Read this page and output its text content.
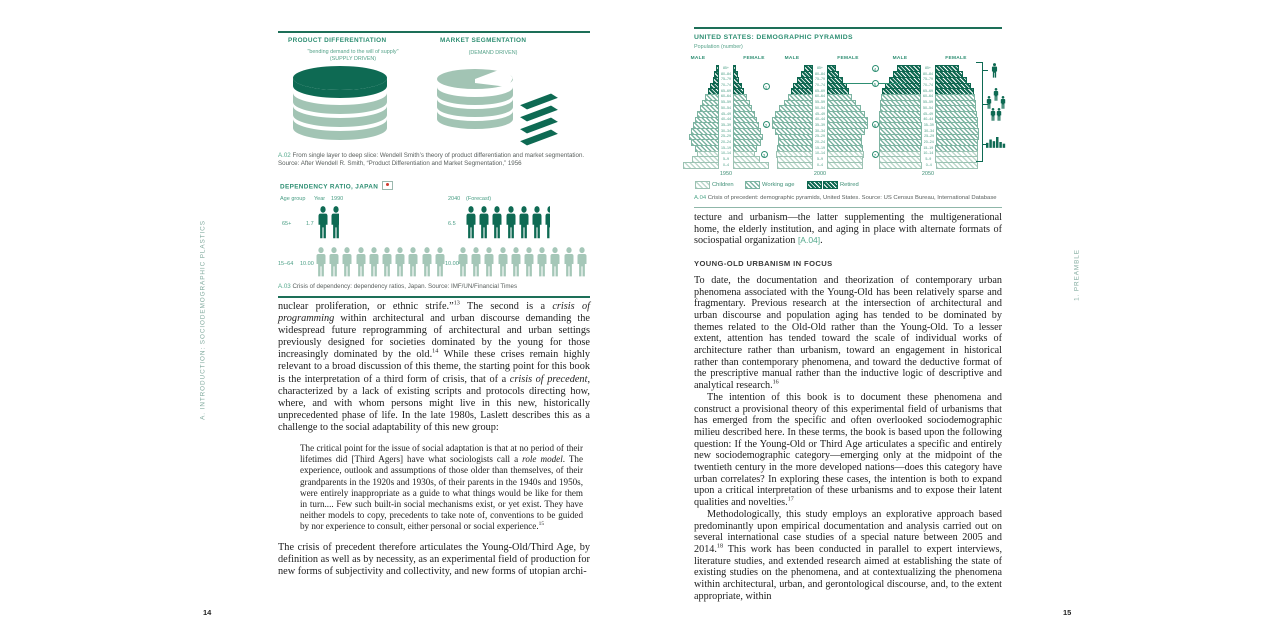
A. INTRODUCTION: SOCIODEMOGRAPHIC PLASTICS
14
PRODUCT DIFFERENTIATION
"bending demand to the will of supply"
(SUPPLY DRIVEN)
MARKET SEGMENTATION
(DEMAND DRIVEN)

A.02 From single layer to deep slice: Wendell Smith’s theory of product differentiation and market segmentation. Source: After Wendell R. Smith, “Product Differentiation and Market Segmentation,” 1956

DEPENDENCY RATIO, JAPAN
Age group Year 1990	2040 (Forecast)
65+	1.7	6.5
15–64 10.00	10.00

A.03 Crisis of dependency: dependency ratios, Japan. Source: IMF/UN/Financial Times

nuclear proliferation, or ethnic strife.”$^{13}$ The second is a crisis of programming within architectural and urban discourse demanding the widespread future reprogramming of architectural and urban settings previously designed for societies dominated by the young for those increasingly dominated by the old.$^{14}$ While these crises remain highly relevant to a broad discussion of this theme, the starting point for this book is the interpretation of a third form of crisis, that of a crisis of precedent, characterized by a lack of existing scripts and protocols directing how, where, and with whom persons might live in this new, historically unprecedented phase of life. In the late 1980s, Laslett describes this as a challenge to the social adaptability of this new group:

The critical point for the issue of social adaptation is that at no period of their lifetimes did [Third Agers] have what sociologists call a role model. The experience, outlook and assumptions of those older than themselves, of their grandparents in the 1920s and 1930s, of their parents in the 1940s and 1950s, were entirely inappropriate as a guide to what things would be like for them in turn.... Few such built-in social mechanisms exist, or yet exist. They have neither models to copy, precedents to take note of, conventions to be guided by nor experience to consult, either personal or social experience.$^{15}$

The crisis of precedent therefore articulates the Young-Old/Third Age, by definition as well as by necessity, as an experimental field of production for new forms of subjectivity and collectivity, and new forms of utopian archi-

UNITED STATES: DEMOGRAPHIC PYRAMIDS
Population (number)
MALE	FEMALE
85+
80–84
75–79
70–74
65–69
60–64
55–59
50–54
45–49
40–44
35–39
30–34
25–29
20–24
15–19
10–14
5–9
0–4
1950
MALE	FEMALE
85+
80–84
75–79
70–74
65–69
60–64
55–59
50–54
45–49
40–44
35–39
30–34
25–29
20–24
15–19
10–14
5–9
0–4
2000
MALE	FEMALE
85+
80–84
75–79
70–74
65–69
60–64
55–59
50–54
45–49
40–44
35–39
30–34
25–29
20–24
15–19
10–14
5–9
0–4
2050
1
2
3
4
5
6
7
Children	Working age	Retired

A.04 Crisis of precedent: demographic pyramids, United States. Source: US Census Bureau, International Database

tecture and urbanism—the latter supplementing the multigenerational home, the elderly institution, and aging in place with alternate formats of sociospatial organization [A.04].

YOUNG-OLD URBANISM IN FOCUS

To date, the documentation and theorization of contemporary urban phenomena associated with the Young-Old has been relatively sparse and fragmentary. Previous research at the intersection of architectural and urban discourse and population aging has tended to be dominated by themes related to the Old-Old rather than the Young-Old. To a lesser extent, attention has tended toward the scale of individual works of architecture rather than urbanism, toward an engagement in historical rather than contemporary phenomena, and toward the deductive format of the prescriptive manual rather than the inductive logic of descriptive and analytical research.$^{16}$

The intention of this book is to document these phenomena and construct a provisional theory of this experimental field of urbanisms that has emerged from the specific and often overlooked sociodemographic milieu described here. In these terms, the book is based upon the following question: If the Young-Old or Third Age articulates a specific and entirely new sociodemographic category—emerging only at the midpoint of the twentieth century in the more developed nations—does this category have urban correlates? In exploring these cases, the intention is both to expand upon a critical interpretation of these urbanisms and to expose their latent qualities and novelties.$^{17}$

Methodologically, this study employs an explorative approach based predominantly upon empirical documentation and analysis carried out on several international case studies of a special nature between 2005 and 2014.18 This work has been conducted in parallel to expert interviews, literature studies, and extended research aimed at establishing the state of existing studies on the phenomena, and at contextualizing the phenomena within architectural, urban, and gerontological discourse, and, to the extent appropriate, within

1. PREAMBLE
15
